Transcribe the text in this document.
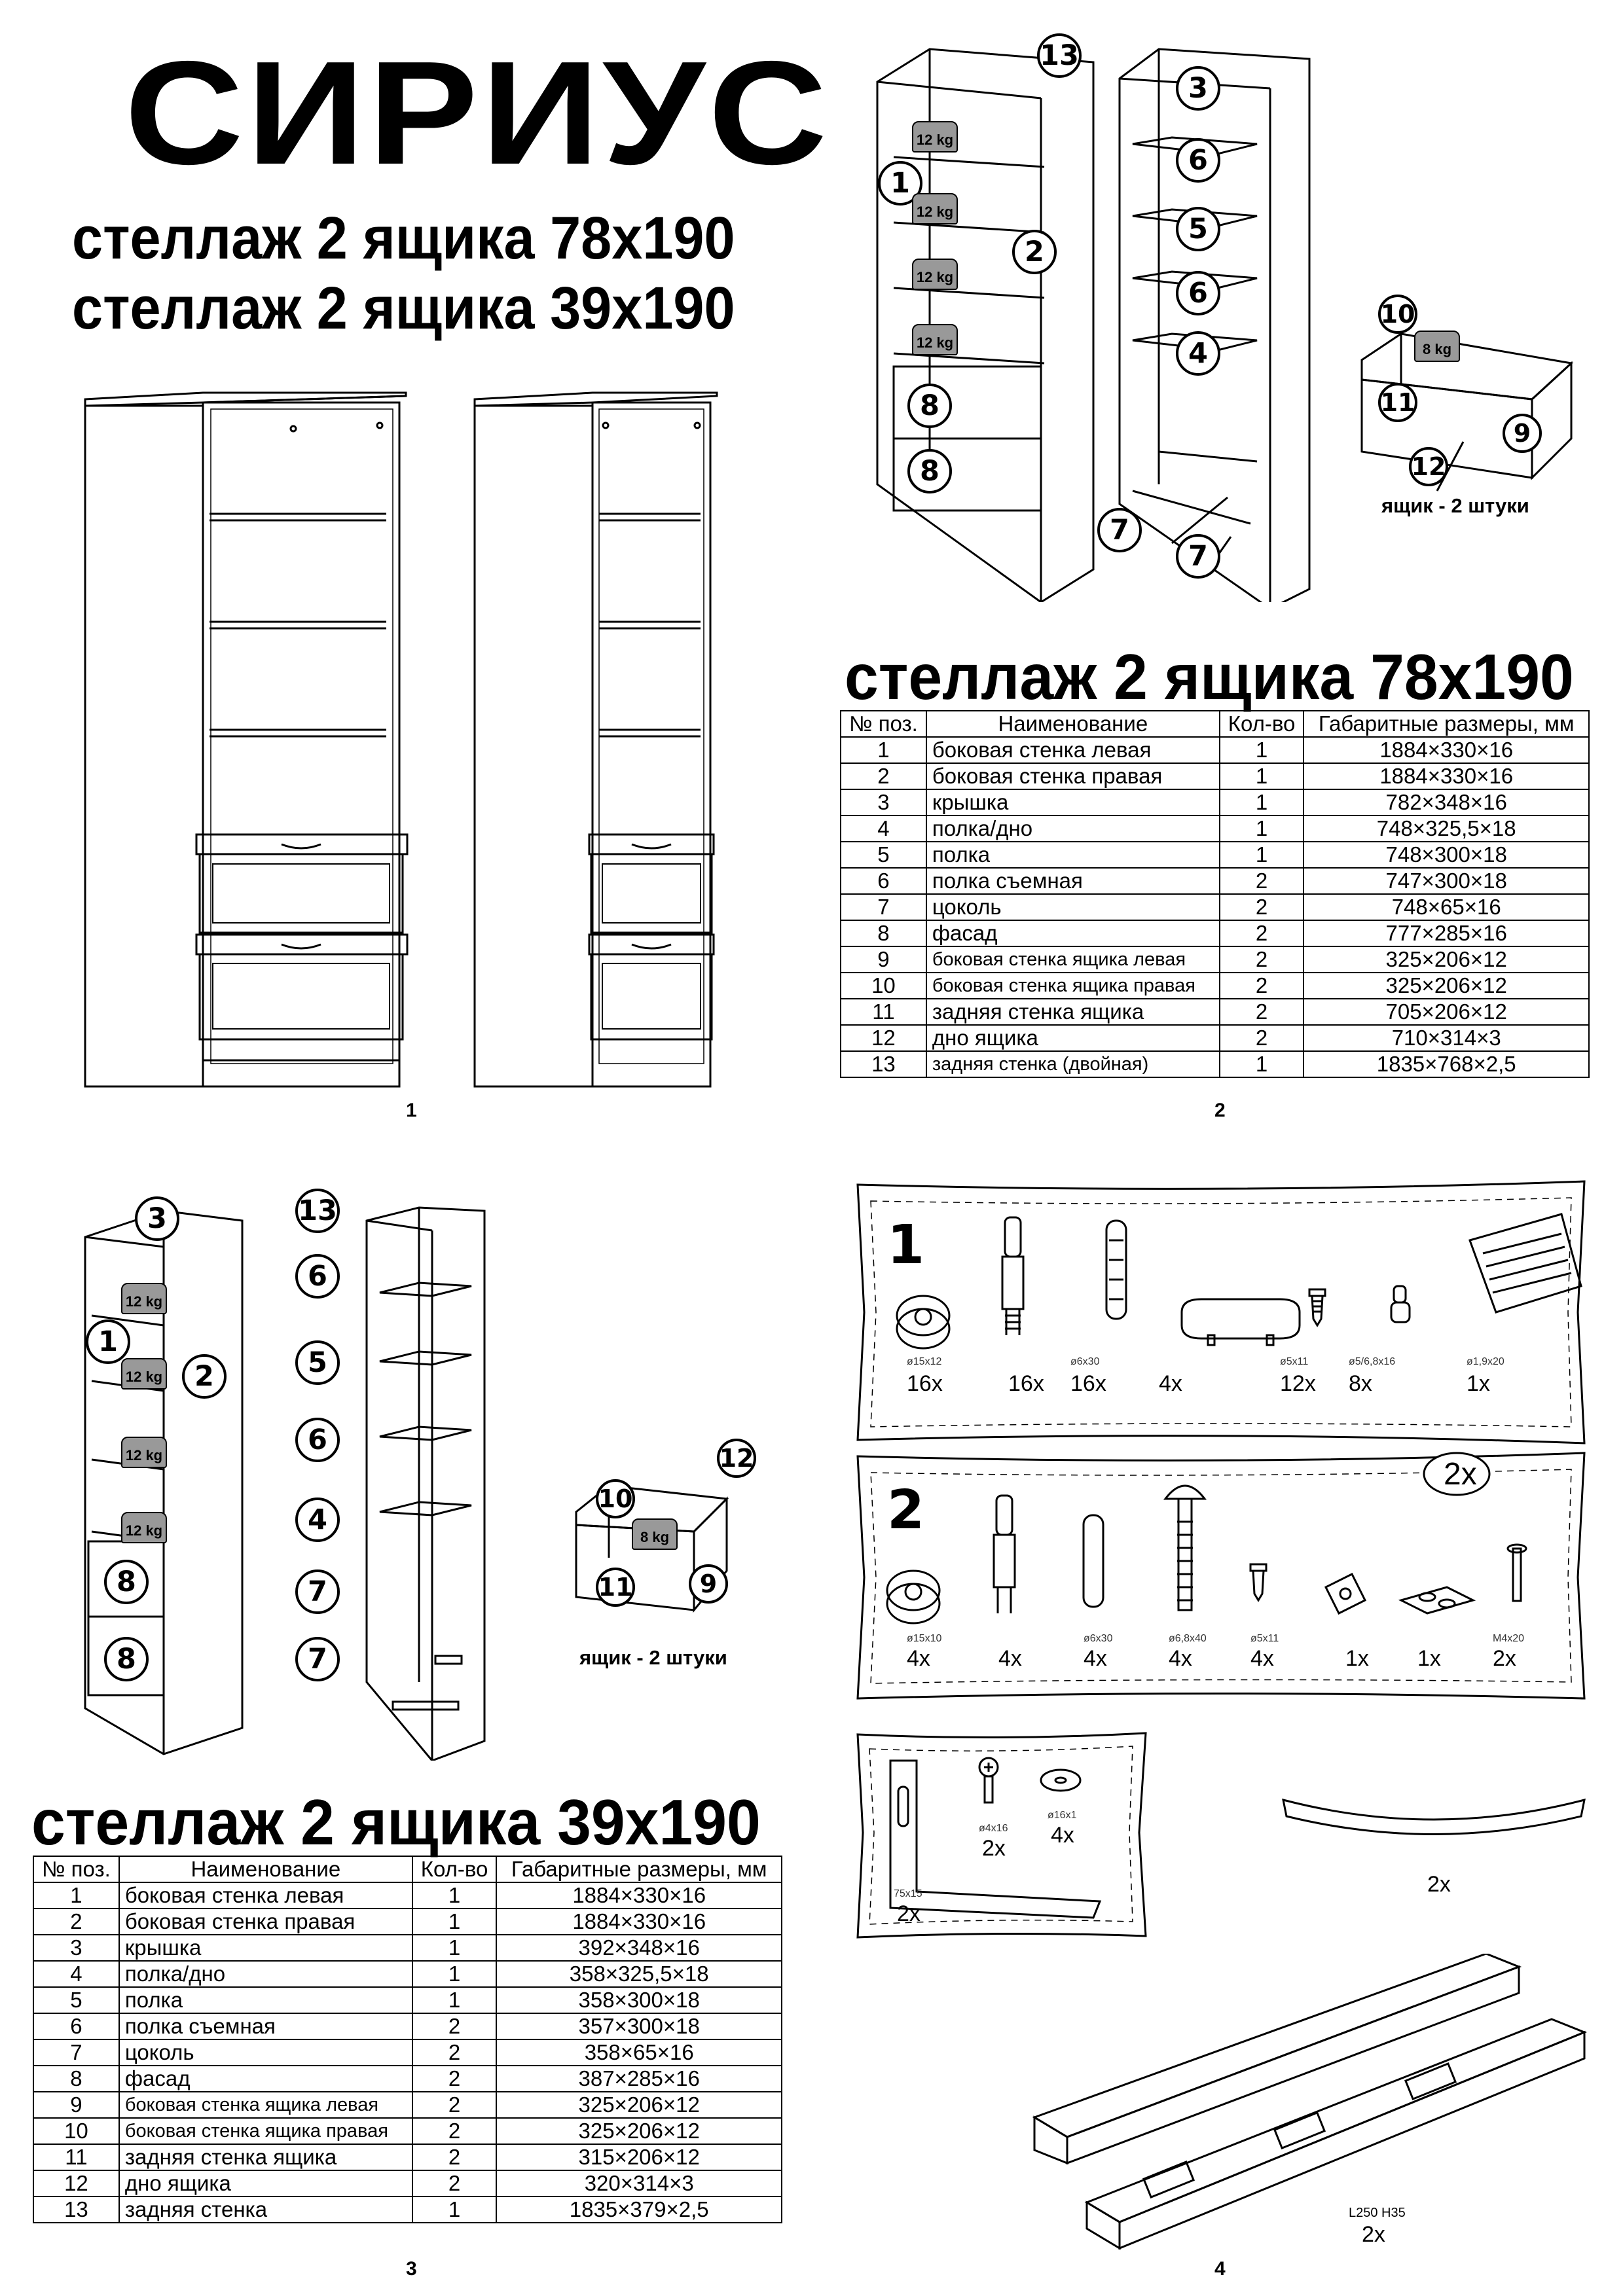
СИРИУС
стеллаж 2 ящика 78х190
стеллаж 2 ящика 39х190
1
13
1
2
8
8
3
6
5
6
4
7
7
10
11
12
9
12 kg
12 kg
12 kg
12 kg	8 kg
ящик - 2 штуки
стеллаж 2 ящика 78х190
№ поз.	Наименование	Кол-во	Габаритные размеры, мм
1	боковая стенка левая	1	1884×330×16
2	боковая стенка правая	1	1884×330×16
3	крышка	1	782×348×16
4	полка/дно	1	748×325,5×18
5	полка	1	748×300×18
6	полка съемная	2	747×300×18
7	цоколь	2	748×65×16
8	фасад	2	777×285×16
9	боковая стенка ящика левая	2	325×206×12
10	боковая стенка ящика правая	2	325×206×12
11	задняя стенка ящика	2	705×206×12
12	дно ящика	2	710×314×3
13	задняя стенка (двойная)	1	1835×768×2,5
2
3
1
2
8
8
13
6
5
6
4
7
7
10
11
12
9
12 kg
12 kg
12 kg
12 kg	8 kg
ящик - 2 штуки
стеллаж 2 ящика 39х190
№ поз.	Наименование	Кол-во	Габаритные размеры, мм
1	боковая стенка левая	1	1884×330×16
2	боковая стенка правая	1	1884×330×16
3	крышка	1	392×348×16
4	полка/дно	1	358×325,5×18
5	полка	1	358×300×18
6	полка съемная	2	357×300×18
7	цоколь	2	358×65×16
8	фасад	2	387×285×16
9	боковая стенка ящика левая	2	325×206×12
10	боковая стенка ящика правая	2	325×206×12
11	задняя стенка ящика	2	315×206×12
12	дно ящика	2	320×314×3
13	задняя стенка	1	1835×379×2,5
3
1
ø15x12
16x	16x
ø6x30
16x 4x
ø5x11
12x
ø5/6,8x16
8x
ø1,9x20
1x
2
2x
ø15x10
4x	4x
ø6x30
4x
ø6,8x40
4x
ø5x11
4x	1x 1x
M4x20
2x
75x15
2x
ø4x16
2x
ø16x1
4x
2x
L250 H35
2x
4
